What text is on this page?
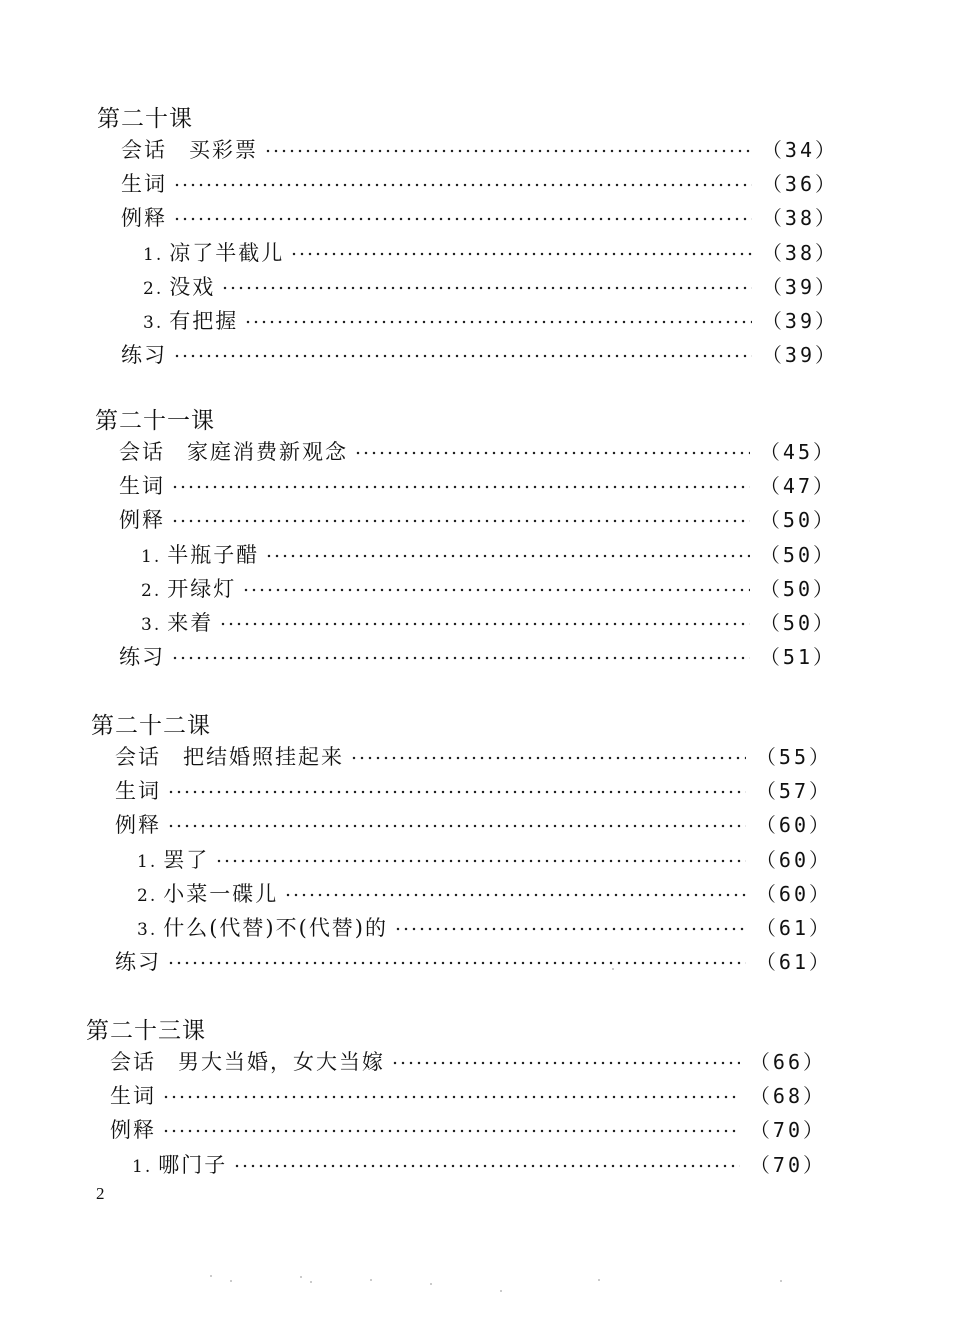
第二十课
会话 买彩票	（34）
生词	（36）
例释	（38）
1. 凉了半截儿	（38）
2. 没戏	（39）
3. 有把握	（39）
练习	（39）
第二十一课
会话 家庭消费新观念	（45）
生词	（47）
例释	（50）
1. 半瓶子醋	（50）
2. 开绿灯	（50）
3. 来着	（50）
练习	（51）
第二十二课
会话 把结婚照挂起来	（55）
生词	（57）
例释	（60）
1. 罢了	（60）
2. 小菜一碟儿	（60）
3. 什么(代替)不(代替)的	（61）
练习	（61）
第二十三课
会话 男大当婚，女大当嫁	（66）
生词	（68）
例释	（70）
1. 哪门子	（70）
2
